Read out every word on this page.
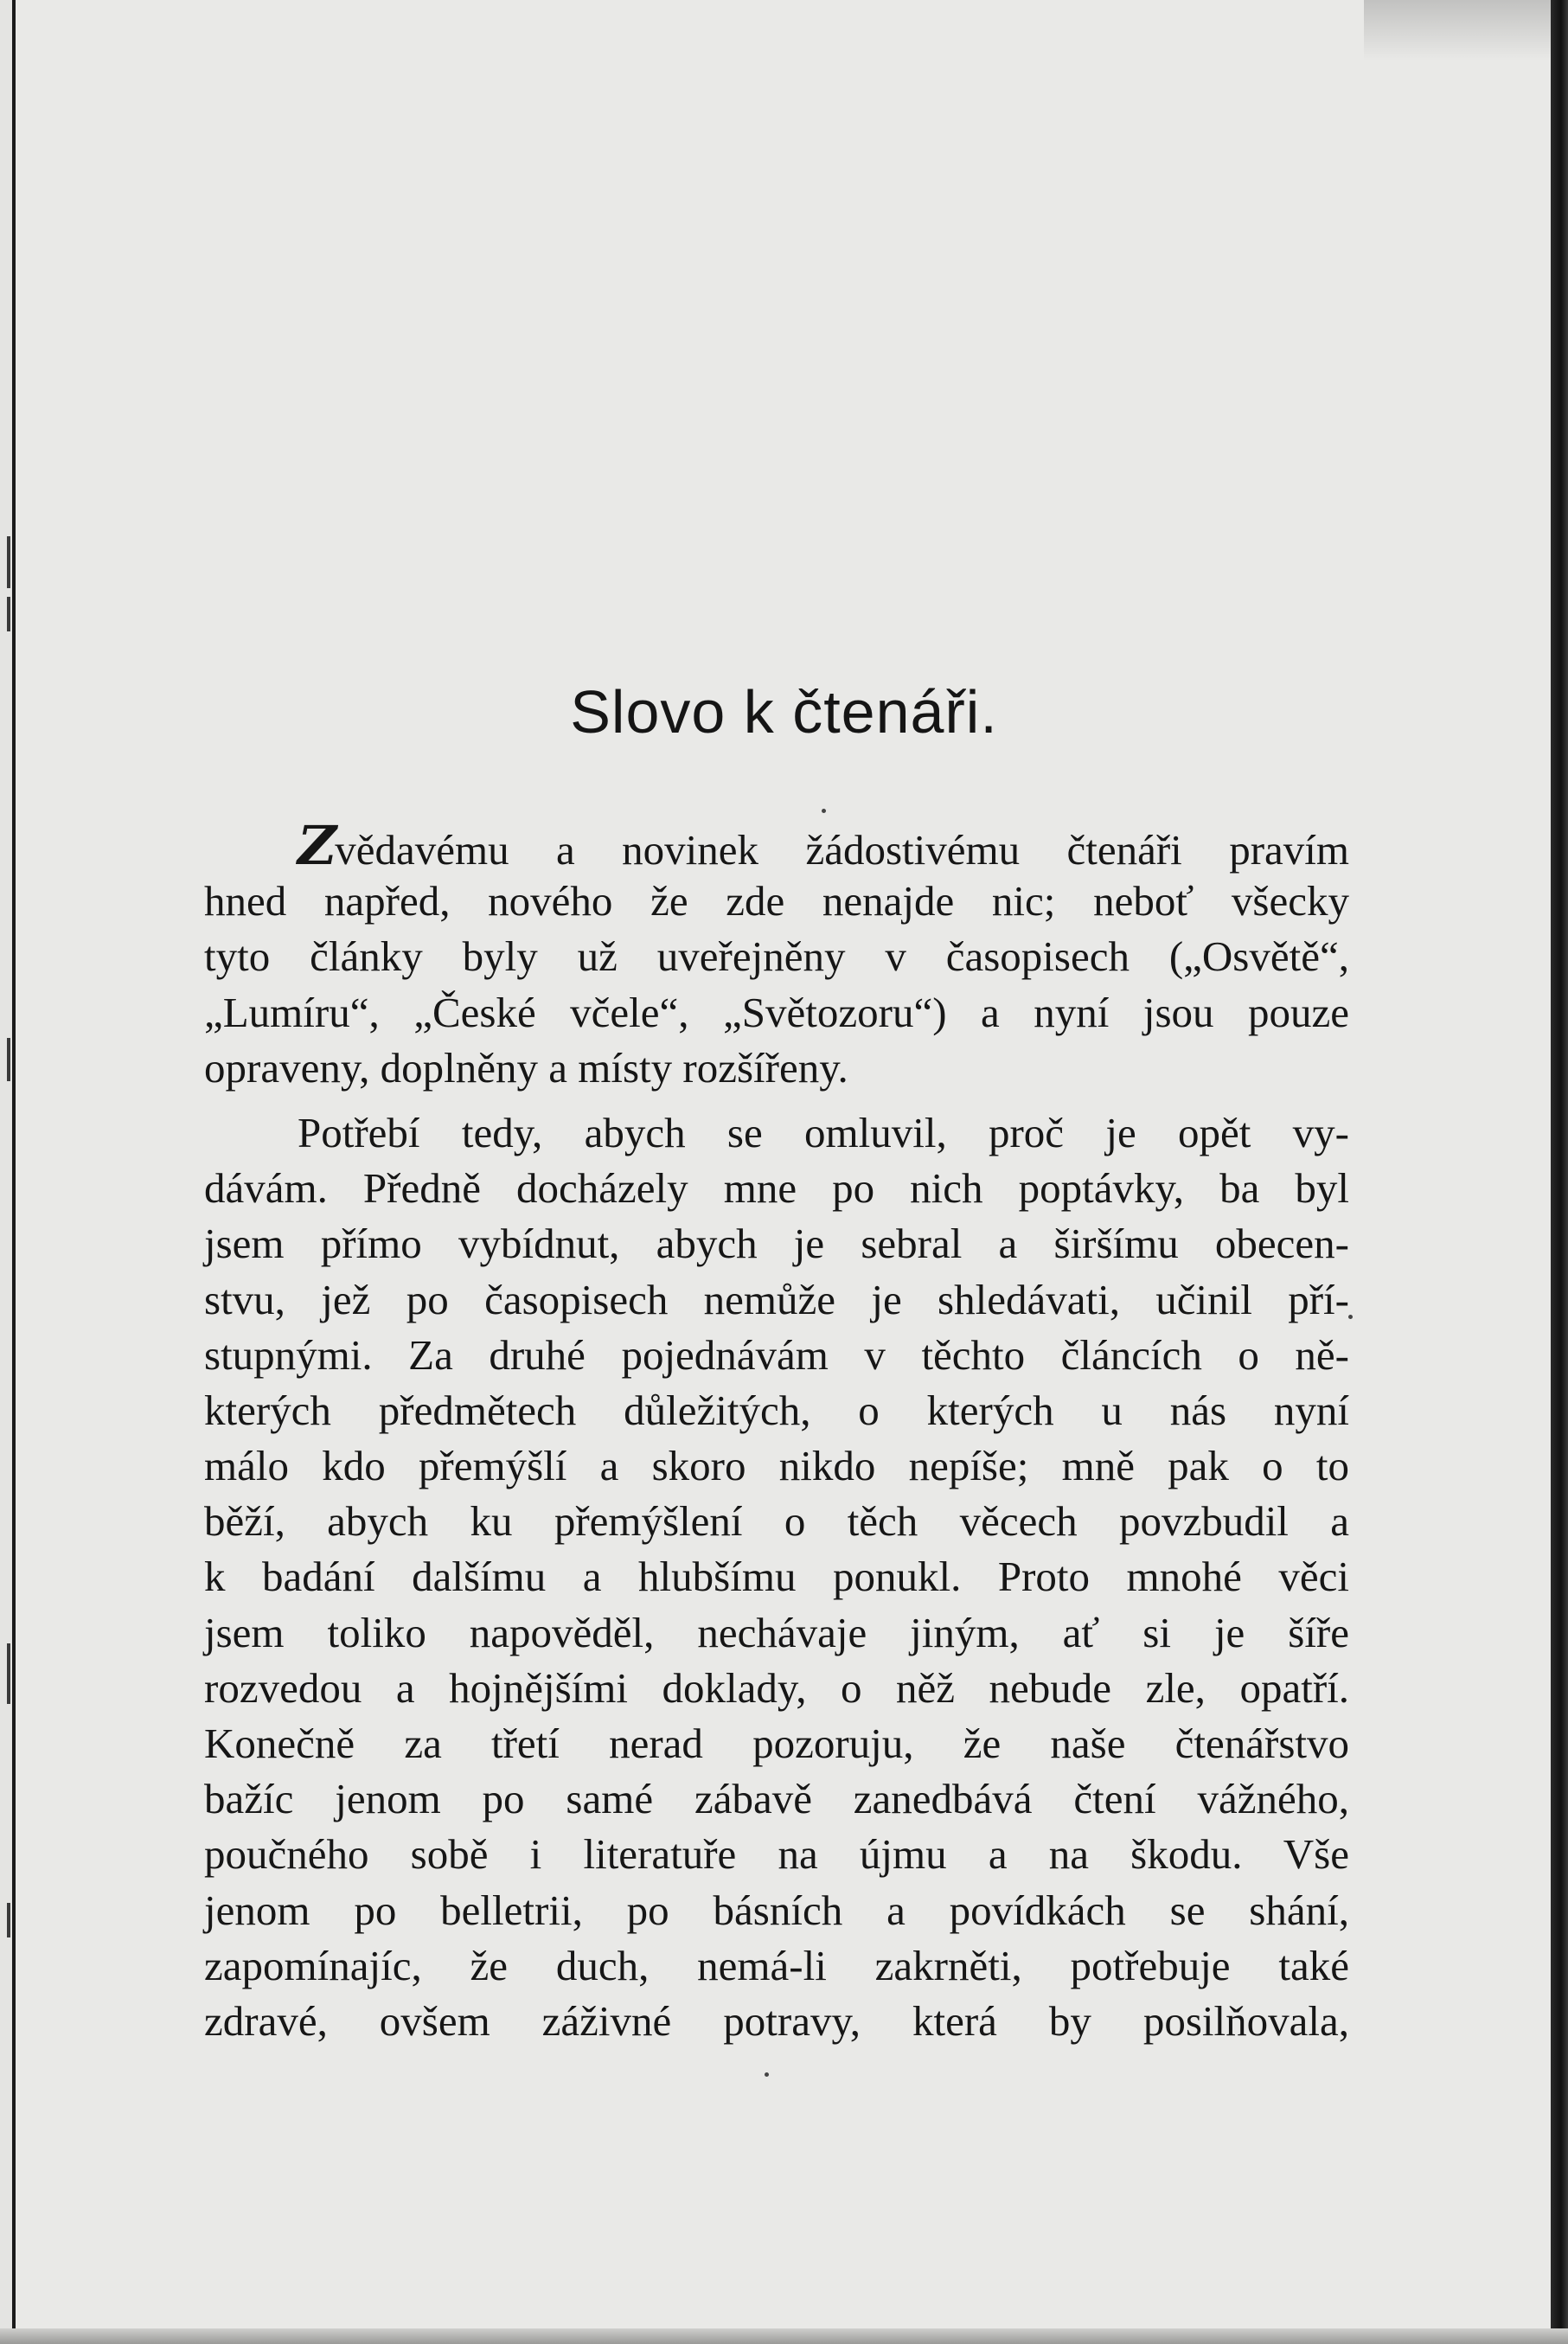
Slovo k čtenáři.
Zvědavému a novinek žádostivému čtenáři pravím
hned napřed, nového že zde nenajde nic; neboť všecky
tyto články byly už uveřejněny v časopisech („Osvětě“,
„Lumíru“, „České včele“, „Světozoru“) a nyní jsou pouze
opraveny, doplněny a místy rozšířeny.
Potřebí tedy, abych se omluvil, proč je opět vy-
dávám. Předně docházely mne po nich poptávky, ba byl
jsem přímo vybídnut, abych je sebral a širšímu obecen-
stvu, jež po časopisech nemůže je shledávati, učinil pří-
stupnými. Za druhé pojednávám v těchto článcích o ně-
kterých předmětech důležitých, o kterých u nás nyní
málo kdo přemýšlí a skoro nikdo nepíše; mně pak o to
běží, abych ku přemýšlení o těch věcech povzbudil a
k badání dalšímu a hlubšímu ponukl. Proto mnohé věci
jsem toliko napověděl, nechávaje jiným, ať si je šíře
rozvedou a hojnějšími doklady, o něž nebude zle, opatří.
Konečně za třetí nerad pozoruju, že naše čtenářstvo
bažíc jenom po samé zábavě zanedbává čtení vážného,
poučného sobě i literatuře na újmu a na škodu. Vše
jenom po belletrii, po básních a povídkách se shání,
zapomínajíc, že duch, nemá-li zakrněti, potřebuje také
zdravé, ovšem záživné potravy, která by posilňovala,
